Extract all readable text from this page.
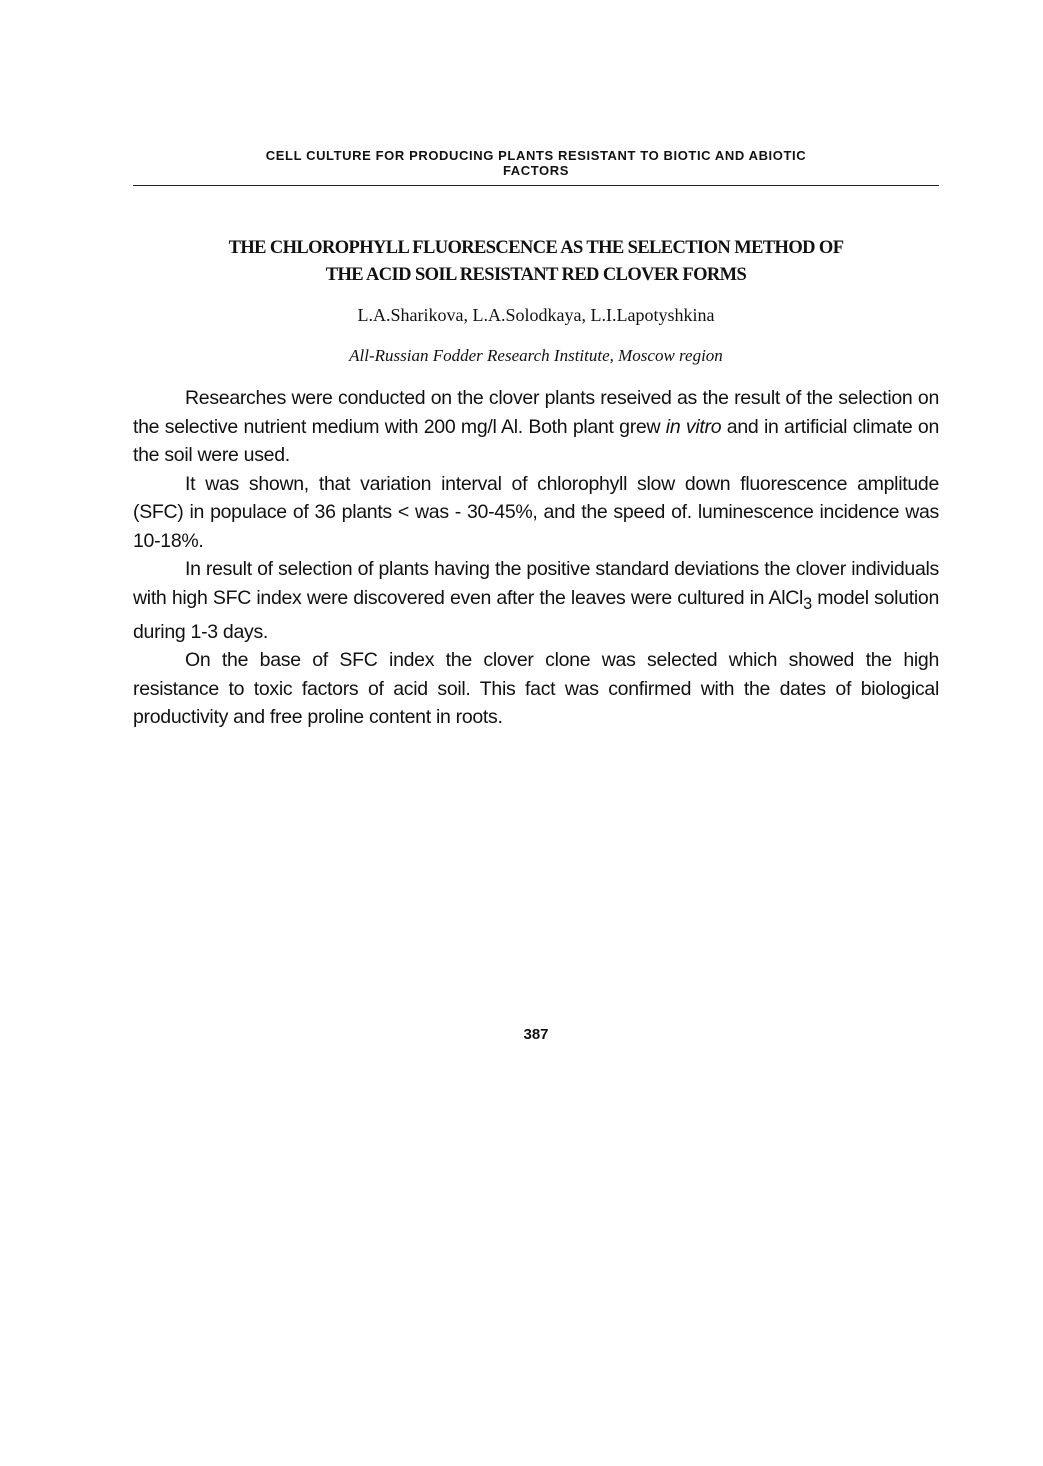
CELL CULTURE FOR PRODUCING PLANTS RESISTANT TO BIOTIC AND ABIOTIC
FACTORS
THE CHLOROPHYLL FLUORESCENCE AS THE SELECTION METHOD OF
THE ACID SOIL RESISTANT RED CLOVER FORMS
L.A.Sharikova, L.A.Solodkaya, L.I.Lapotyshkina
All-Russian Fodder Research Institute, Moscow region

Researches were conducted on the clover plants reseived as the result of the selection on the selective nutrient medium with 200 mg/l Al. Both plant grew in vitro and in artificial climate on the soil were used.

It was shown, that variation interval of chlorophyll slow down fluorescence amplitude (SFC) in populace of 36 plants < was - 30-45%, and the speed of. luminescence incidence was 10-18%.

In result of selection of plants having the positive standard deviations the clover individuals with high SFC index were discovered even after the leaves were cultured in AlCl$_3$ model solution during 1-3 days.

On the base of SFC index the clover clone was selected which showed the high resistance to toxic factors of acid soil. This fact was confirmed with the dates of biological productivity and free proline content in roots.

387
